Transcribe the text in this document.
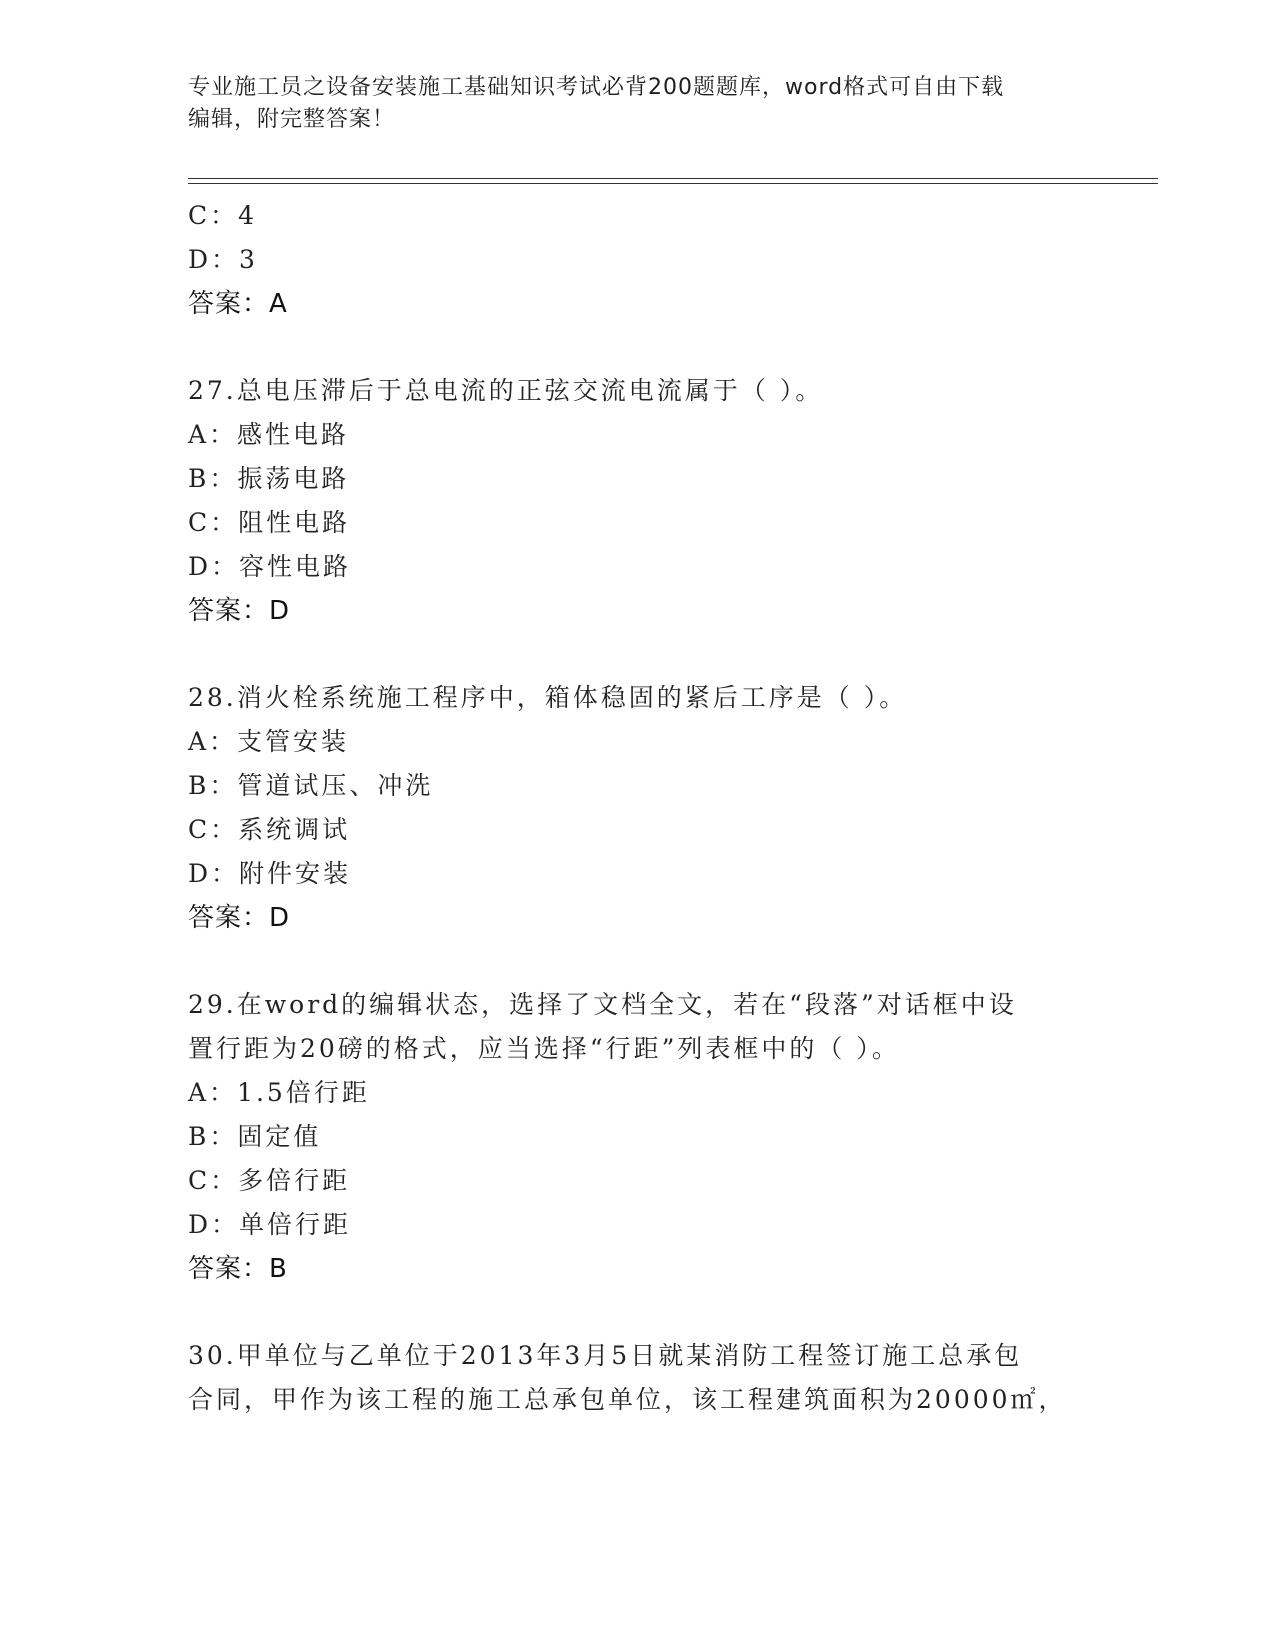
专业施工员之设备安装施工基础知识考试必背200题题库，word格式可自由下载
编辑，附完整答案！
C：4
D：3
答案：A
27.总电压滞后于总电流的正弦交流电流属于（ ）。
A：感性电路
B：振荡电路
C：阻性电路
D：容性电路
答案：D
28.消火栓系统施工程序中，箱体稳固的紧后工序是（ ）。
A：支管安装
B：管道试压、冲洗
C：系统调试
D：附件安装
答案：D
29.在word的编辑状态，选择了文档全文，若在“段落”对话框中设
置行距为20磅的格式，应当选择“行距”列表框中的（ ）。
A：1.5倍行距
B：固定值
C：多倍行距
D：单倍行距
答案：B
30.甲单位与乙单位于2013年3月5日就某消防工程签订施工总承包
合同，甲作为该工程的施工总承包单位，该工程建筑面积为20000㎡，
